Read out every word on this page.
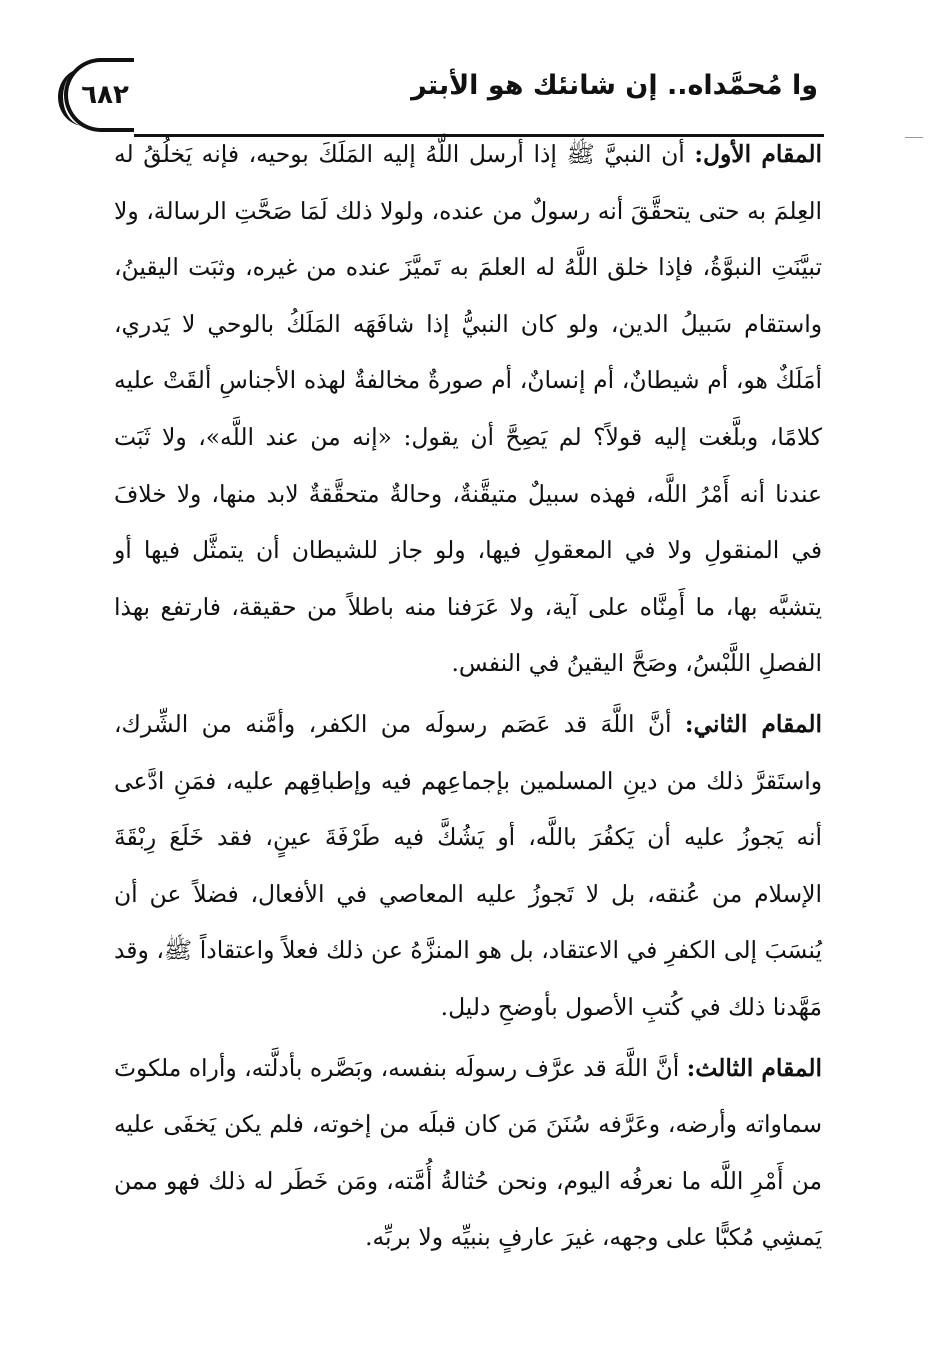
٦٨٢	وا مُحمَّداه.. إن شانئك هو الأبتر

المقام الأول: أن النبيَّ ﷺ إذا أرسل اللَّهُ إليه المَلَكَ بوحيه، فإنه يَخلُقُ له العِلمَ به حتى يتحقَّقَ أنه رسولٌ من عنده، ولولا ذلك لَمَا صَحَّتِ الرسالة، ولا تبيَّنَتِ النبوَّةُ، فإذا خلق اللَّهُ له العلمَ به تَميَّزَ عنده من غيره، وثبَت اليقينُ، واستقام سَبيلُ الدين، ولو كان النبيُّ إذا شافَهَه المَلَكُ بالوحي لا يَدري، أمَلَكٌ هو، أم شيطانٌ، أم إنسانٌ، أم صورةٌ مخالفةٌ لهذه الأجناسِ ألقَتْ عليه كلامًا، وبلَّغت إليه قولاً؟ لم يَصِحَّ أن يقول: «إنه من عند اللَّه»، ولا ثَبَت عندنا أنه أَمْرُ اللَّه، فهذه سبيلٌ متيقَّنةٌ، وحالةٌ متحقَّقةٌ لابد منها، ولا خلافَ في المنقولِ ولا في المعقولِ فيها، ولو جاز للشيطان أن يتمثَّل فيها أو يتشبَّه بها، ما أَمِنَّاه على آية، ولا عَرَفنا منه باطلاً من حقيقة، فارتفع بهذا الفصلِ اللَّبْسُ، وصَحَّ اليقينُ في النفس.

المقام الثاني: أنَّ اللَّهَ قد عَصَم رسولَه من الكفر، وأمَّنه من الشِّرك، واستَقرَّ ذلك من دينِ المسلمين بإجماعِهم فيه وإطباقِهم عليه، فمَنِ ادَّعى أنه يَجوزُ عليه أن يَكفُرَ باللَّه، أو يَشُكَّ فيه طَرْفَةَ عينٍ، فقد خَلَعَ رِبْقَةَ الإسلام من عُنقه، بل لا تَجوزُ عليه المعاصي في الأفعال، فضلاً عن أن يُنسَبَ إلى الكفرِ في الاعتقاد، بل هو المنزَّهُ عن ذلك فعلاً واعتقاداً ﷺ، وقد مَهَّدنا ذلك في كُتبِ الأصول بأوضحِ دليل.

المقام الثالث: أنَّ اللَّهَ قد عرَّف رسولَه بنفسه، وبَصَّره بأدلَّته، وأراه ملكوتَ سماواته وأرضه، وعَرَّفه سُنَنَ مَن كان قبلَه من إخوته، فلم يكن يَخفَى عليه من أَمْرِ اللَّه ما نعرفُه اليوم، ونحن حُثالةُ أُمَّته، ومَن خَطَر له ذلك فهو ممن يَمشِي مُكبًّا على وجهه، غيرَ عارفٍ بنبيِّه ولا بربِّه.
